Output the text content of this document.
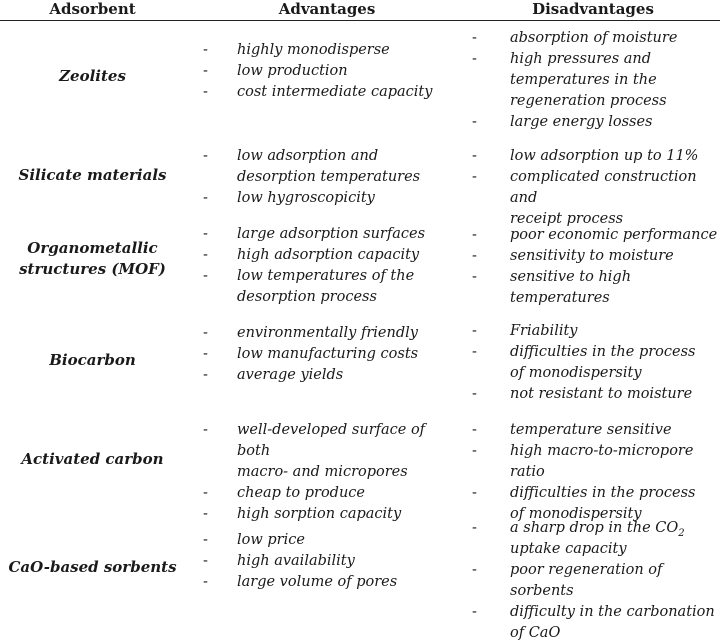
Adsorbent	Advantages	Disadvantages
Zeolites
- highly monodisperse
- low production
- cost intermediate capacity
- absorption of moisture
- high pressures and
temperatures in the
regeneration process
- large energy losses
Silicate materials
- low adsorption and
desorption temperatures
- low hygroscopicity
- low adsorption up to 11%
- complicated construction and
receipt process
Organometallic
structures (MOF)
- large adsorption surfaces
- high adsorption capacity
- low temperatures of the
desorption process
- poor economic performance
- sensitivity to moisture
- sensitive to high temperatures
Biocarbon
- environmentally friendly
- low manufacturing costs
- average yields
- Friability
- difficulties in the process
of monodispersity
- not resistant to moisture
Activated carbon
- well-developed surface of both
macro- and micropores
- cheap to produce
- high sorption capacity
- temperature sensitive
- high macro-to-micropore ratio
- difficulties in the process
of monodispersity
CaO-based sorbents
- low price
- high availability
- large volume of pores
- a sharp drop in the $CO_2$
uptake capacity
- poor regeneration of sorbents
- difficulty in the carbonation
of CaO
